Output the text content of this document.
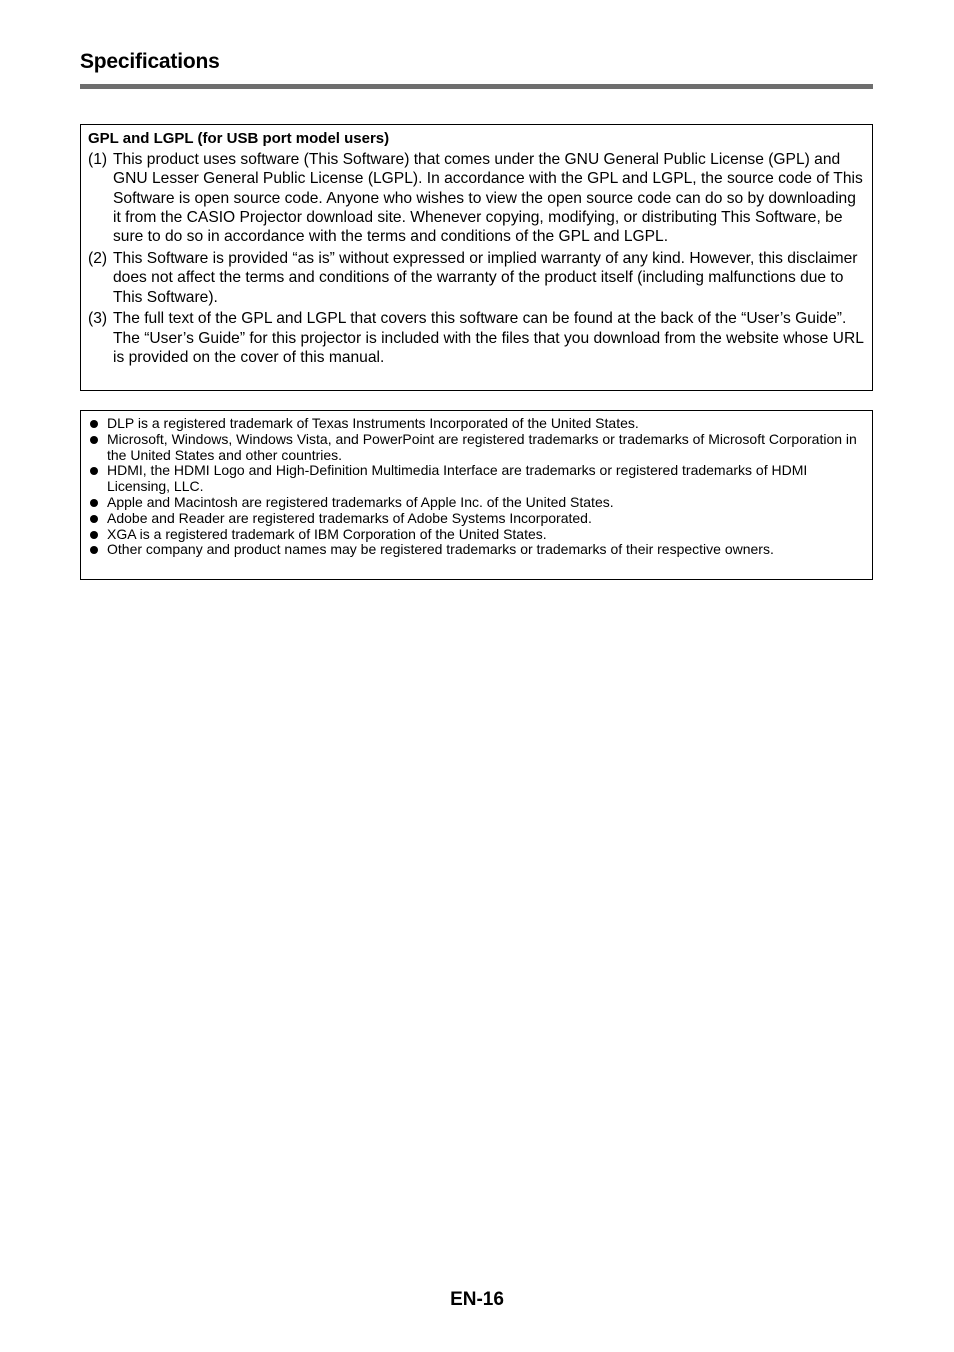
Specifications
GPL and LGPL (for USB port model users)
(1) This product uses software (This Software) that comes under the GNU General Public License (GPL) and GNU Lesser General Public License (LGPL). In accordance with the GPL and LGPL, the source code of This Software is open source code. Anyone who wishes to view the open source code can do so by downloading it from the CASIO Projector download site. Whenever copying, modifying, or distributing This Software, be sure to do so in accordance with the terms and conditions of the GPL and LGPL.
(2) This Software is provided “as is” without expressed or implied warranty of any kind. However, this disclaimer does not affect the terms and conditions of the warranty of the product itself (including malfunctions due to This Software).
(3) The full text of the GPL and LGPL that covers this software can be found at the back of the “User’s Guide”. The “User’s Guide” for this projector is included with the files that you download from the website whose URL is provided on the cover of this manual.
DLP is a registered trademark of Texas Instruments Incorporated of the United States.
Microsoft, Windows, Windows Vista, and PowerPoint are registered trademarks or trademarks of Microsoft Corporation in the United States and other countries.
HDMI, the HDMI Logo and High-Definition Multimedia Interface are trademarks or registered trademarks of HDMI Licensing, LLC.
Apple and Macintosh are registered trademarks of Apple Inc. of the United States.
Adobe and Reader are registered trademarks of Adobe Systems Incorporated.
XGA is a registered trademark of IBM Corporation of the United States.
Other company and product names may be registered trademarks or trademarks of their respective owners.
EN-16
